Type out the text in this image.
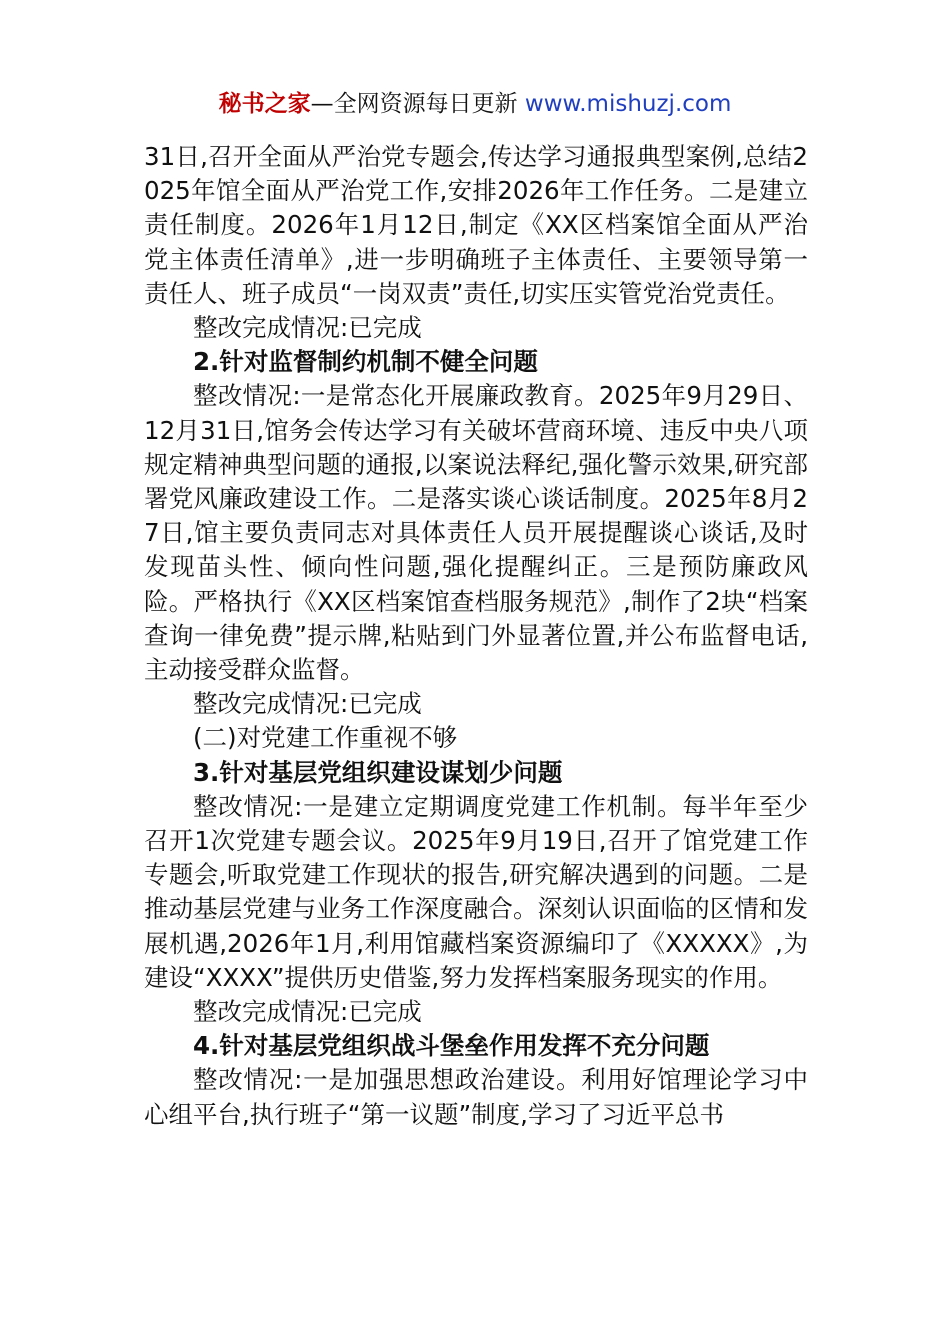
秘书之家—全网资源每日更新 www.mishuzj.com

31日,召开全面从严治党专题会,传达学习通报典型案例,总结2025年馆全面从严治党工作,安排2026年工作任务。二是建立责任制度。2026年1月12日,制定《XX区档案馆全面从严治党主体责任清单》,进一步明确班子主体责任、主要领导第一责任人、班子成员“一岗双责”责任,切实压实管党治党责任。

整改完成情况:已完成

2.针对监督制约机制不健全问题

整改情况:一是常态化开展廉政教育。2025年9月29日、12月31日,馆务会传达学习有关破坏营商环境、违反中央八项规定精神典型问题的通报,以案说法释纪,强化警示效果,研究部署党风廉政建设工作。二是落实谈心谈话制度。2025年8月27日,馆主要负责同志对具体责任人员开展提醒谈心谈话,及时发现苗头性、倾向性问题,强化提醒纠正。三是预防廉政风险。严格执行《XX区档案馆查档服务规范》,制作了2块“档案查询一律免费”提示牌,粘贴到门外显著位置,并公布监督电话,主动接受群众监督。

整改完成情况:已完成

(二)对党建工作重视不够

3.针对基层党组织建设谋划少问题

整改情况:一是建立定期调度党建工作机制。每半年至少召开1次党建专题会议。2025年9月19日,召开了馆党建工作专题会,听取党建工作现状的报告,研究解决遇到的问题。二是推动基层党建与业务工作深度融合。深刻认识面临的区情和发展机遇,2026年1月,利用馆藏档案资源编印了《XXXXX》,为建设“XXXX”提供历史借鉴,努力发挥档案服务现实的作用。

整改完成情况:已完成

4.针对基层党组织战斗堡垒作用发挥不充分问题

整改情况:一是加强思想政治建设。利用好馆理论学习中心组平台,执行班子“第一议题”制度,学习了习近平总书
